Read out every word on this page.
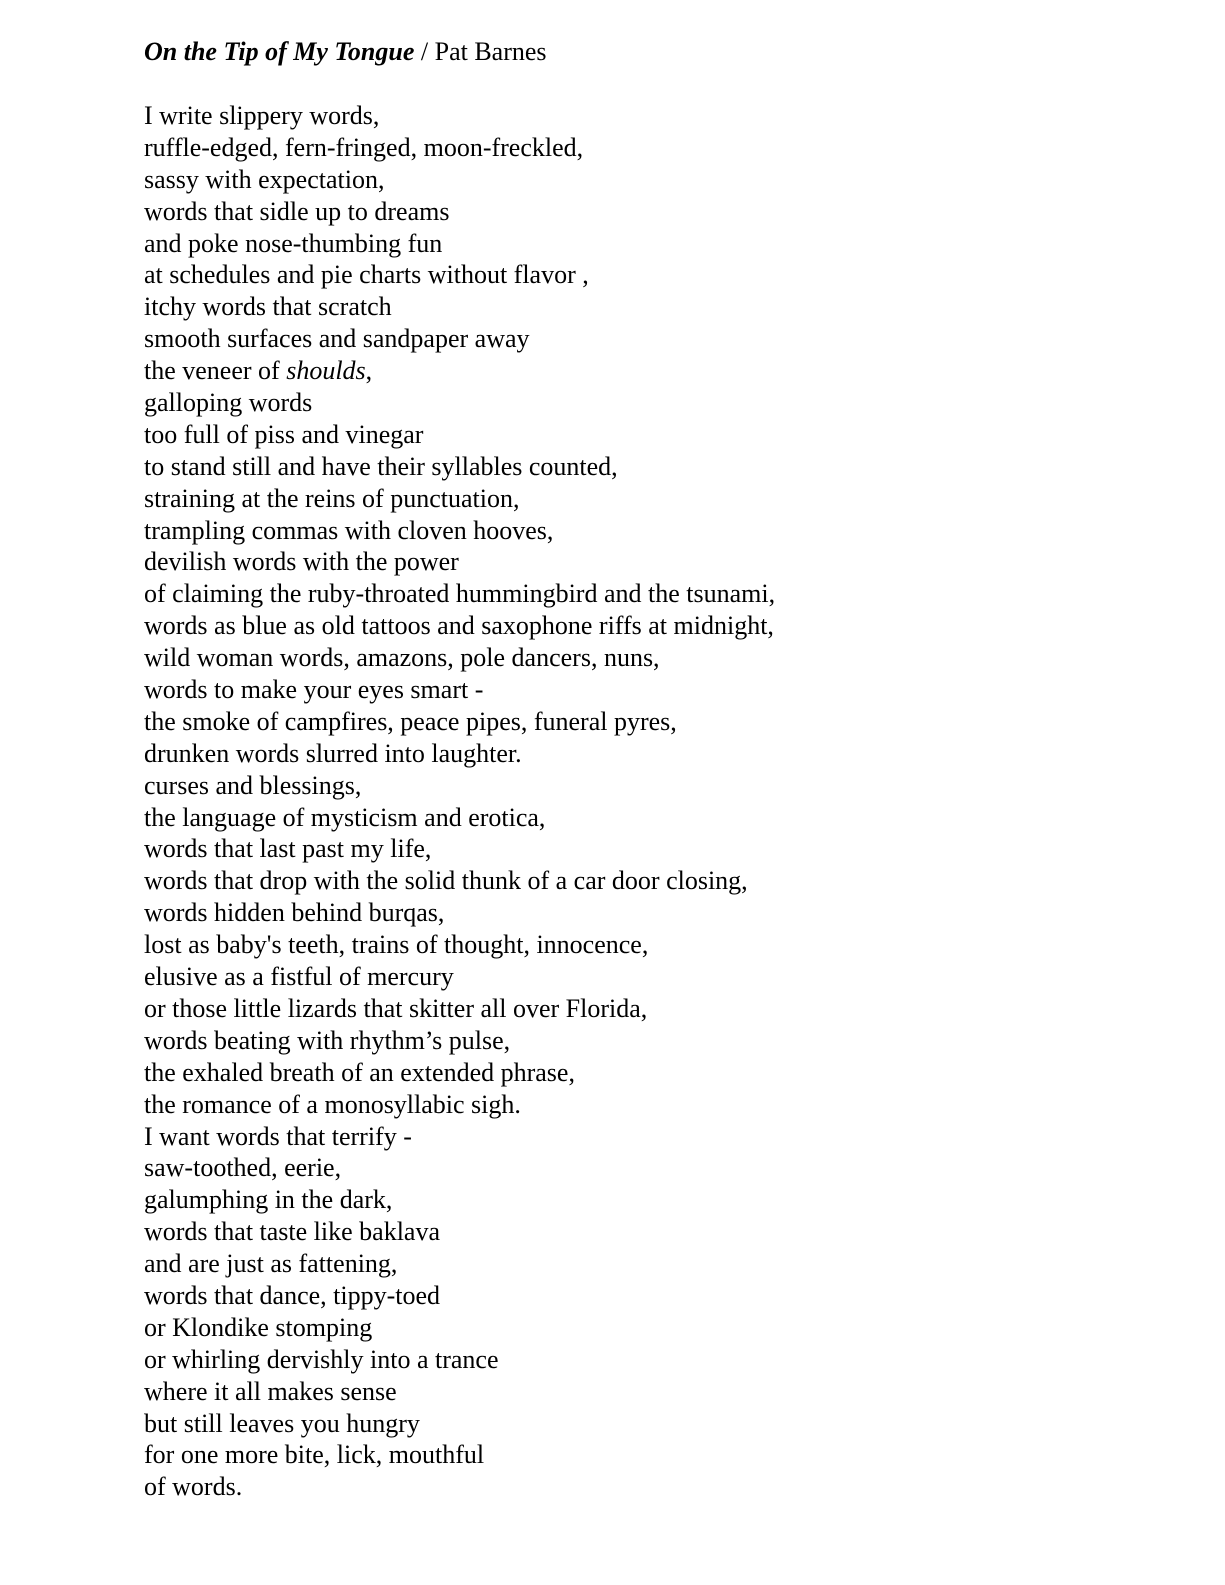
On the Tip of My Tongue / Pat Barnes
I write slippery words,
ruffle-edged, fern-fringed, moon-freckled,
sassy with expectation,
words that sidle up to dreams
and poke nose-thumbing fun
at schedules and pie charts without flavor ,
itchy words that scratch
smooth surfaces and sandpaper away
the veneer of shoulds,
galloping words
too full of piss and vinegar
to stand still and have their syllables counted,
straining at the reins of punctuation,
trampling commas with cloven hooves,
devilish words with the power
of claiming the ruby-throated hummingbird and the tsunami,
words as blue as old tattoos and saxophone riffs at midnight,
wild woman words, amazons, pole dancers, nuns,
words to make your eyes smart -
the smoke of campfires, peace pipes, funeral pyres,
drunken words slurred into laughter.
curses and blessings,
the language of mysticism and erotica,
words that last past my life,
words that drop with the solid thunk of a car door closing,
words hidden behind burqas,
lost as baby's teeth, trains of thought, innocence,
elusive as a fistful of mercury
or those little lizards that skitter all over Florida,
words beating with rhythm’s pulse,
the exhaled breath of an extended phrase,
the romance of a monosyllabic sigh.
I want words that terrify -
saw-toothed, eerie,
galumphing in the dark,
words that taste like baklava
and are just as fattening,
words that dance, tippy-toed
or Klondike stomping
or whirling dervishly into a trance
where it all makes sense
but still leaves you hungry
for one more bite, lick, mouthful
of words.
